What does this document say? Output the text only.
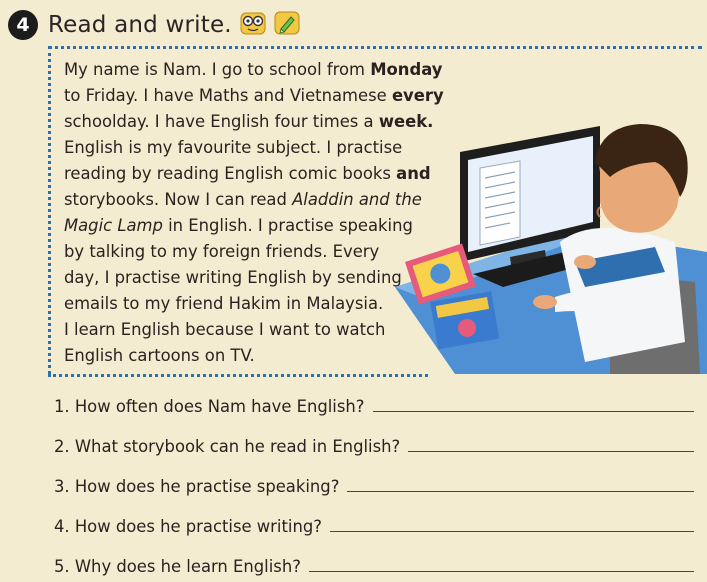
4 Read and write.
My name is Nam. I go to school from Monday
to Friday. I have Maths and Vietnamese every
schoolday. I have English four times a week.
English is my favourite subject. I practise
reading by reading English comic books and
storybooks. Now I can read Aladdin and the
Magic Lamp in English. I practise speaking
by talking to my foreign friends. Every
day, I practise writing English by sending
emails to my friend Hakim in Malaysia.
I learn English because I want to watch
English cartoons on TV.
1. How often does Nam have English?
2. What storybook can he read in English?
3. How does he practise speaking?
4. How does he practise writing?
5. Why does he learn English?
